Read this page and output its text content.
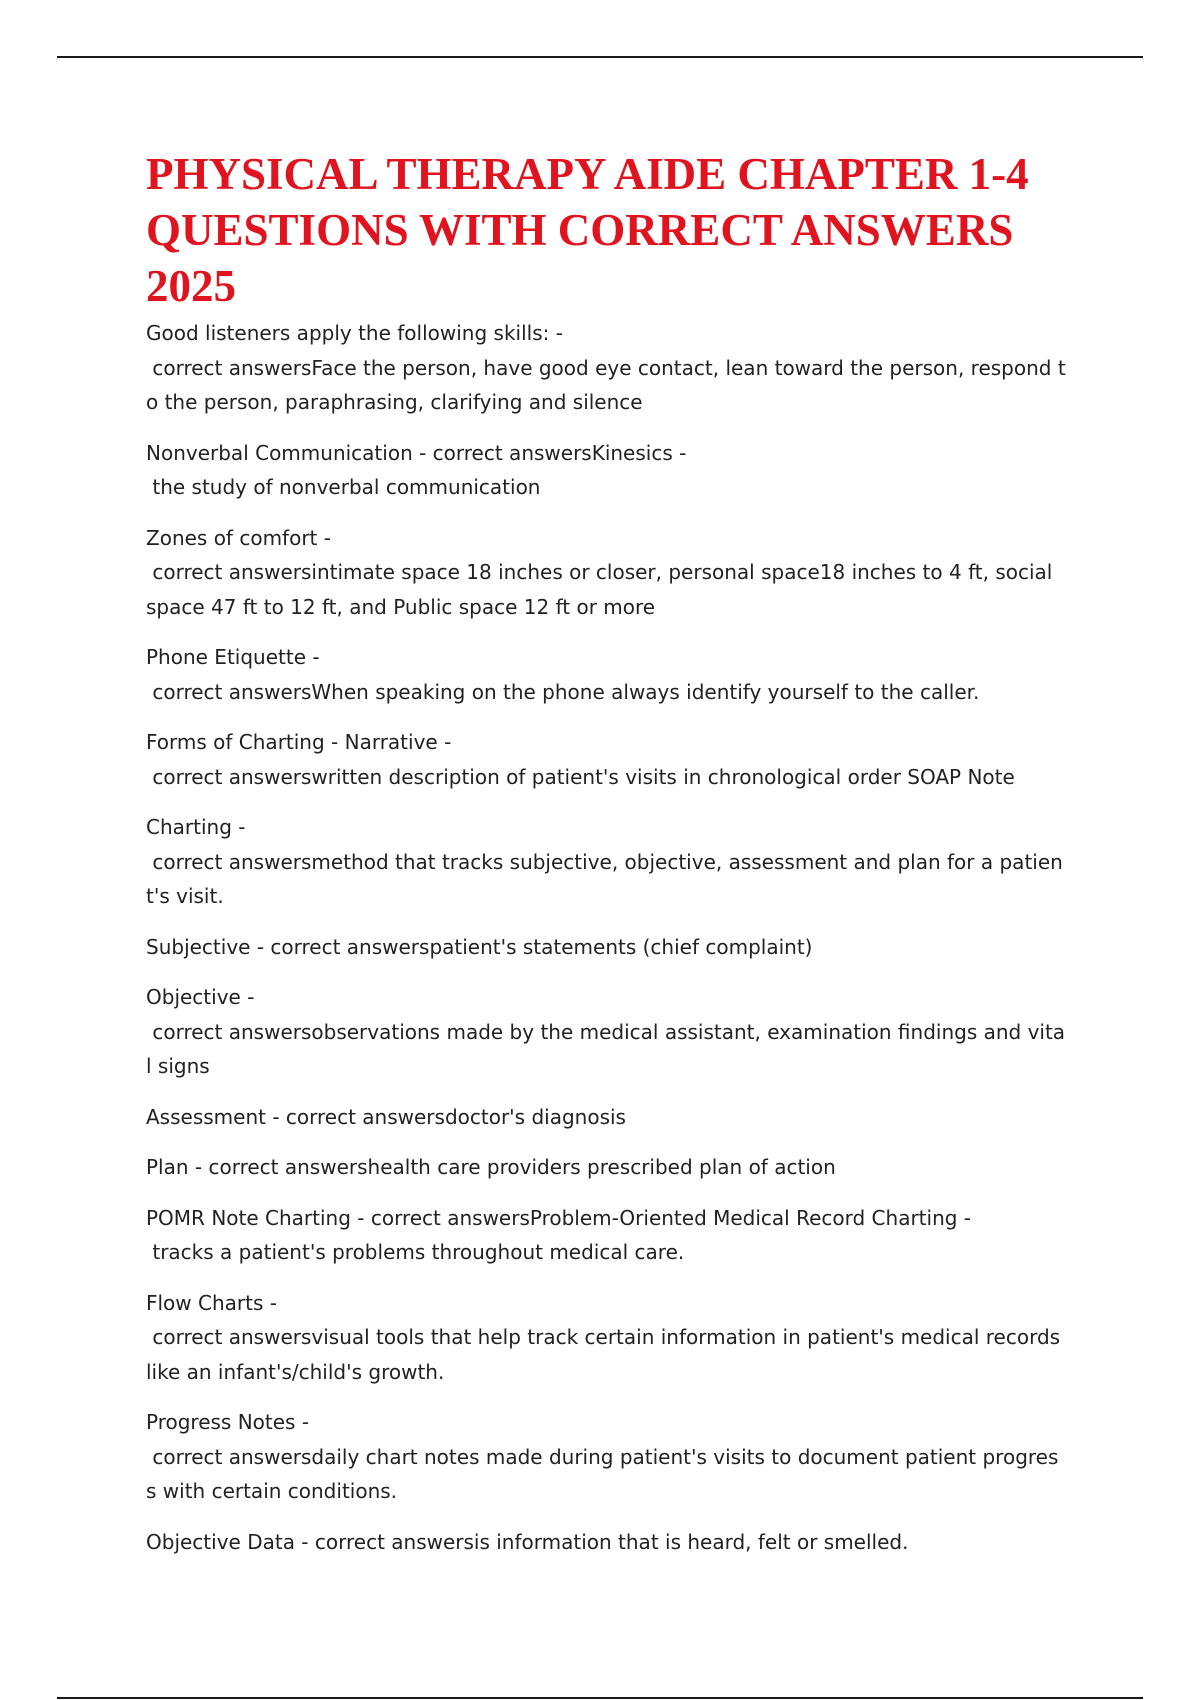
PHYSICAL THERAPY AIDE CHAPTER 1-4 QUESTIONS WITH CORRECT ANSWERS 2025
Good listeners apply the following skills: -
correct answersFace the person, have good eye contact, lean toward the person, respond to the person, paraphrasing, clarifying and silence
Nonverbal Communication - correct answersKinesics -
the study of nonverbal communication
Zones of comfort -
correct answersintimate space 18 inches or closer, personal space18 inches to 4 ft, social space 47 ft to 12 ft, and Public space 12 ft or more
Phone Etiquette -
correct answersWhen speaking on the phone always identify yourself to the caller.
Forms of Charting - Narrative -
correct answerswritten description of patient's visits in chronological order SOAP Note
Charting -
correct answersmethod that tracks subjective, objective, assessment and plan for a patient's visit.
Subjective - correct answerspatient's statements (chief complaint)
Objective -
correct answersobservations made by the medical assistant, examination findings and vital signs
Assessment - correct answersdoctor's diagnosis
Plan - correct answershealth care providers prescribed plan of action
POMR Note Charting - correct answersProblem-Oriented Medical Record Charting -
tracks a patient's problems throughout medical care.
Flow Charts -
correct answersvisual tools that help track certain information in patient's medical records like an infant's/child's growth.
Progress Notes -
correct answersdaily chart notes made during patient's visits to document patient progress with certain conditions.
Objective Data - correct answersis information that is heard, felt or smelled.
